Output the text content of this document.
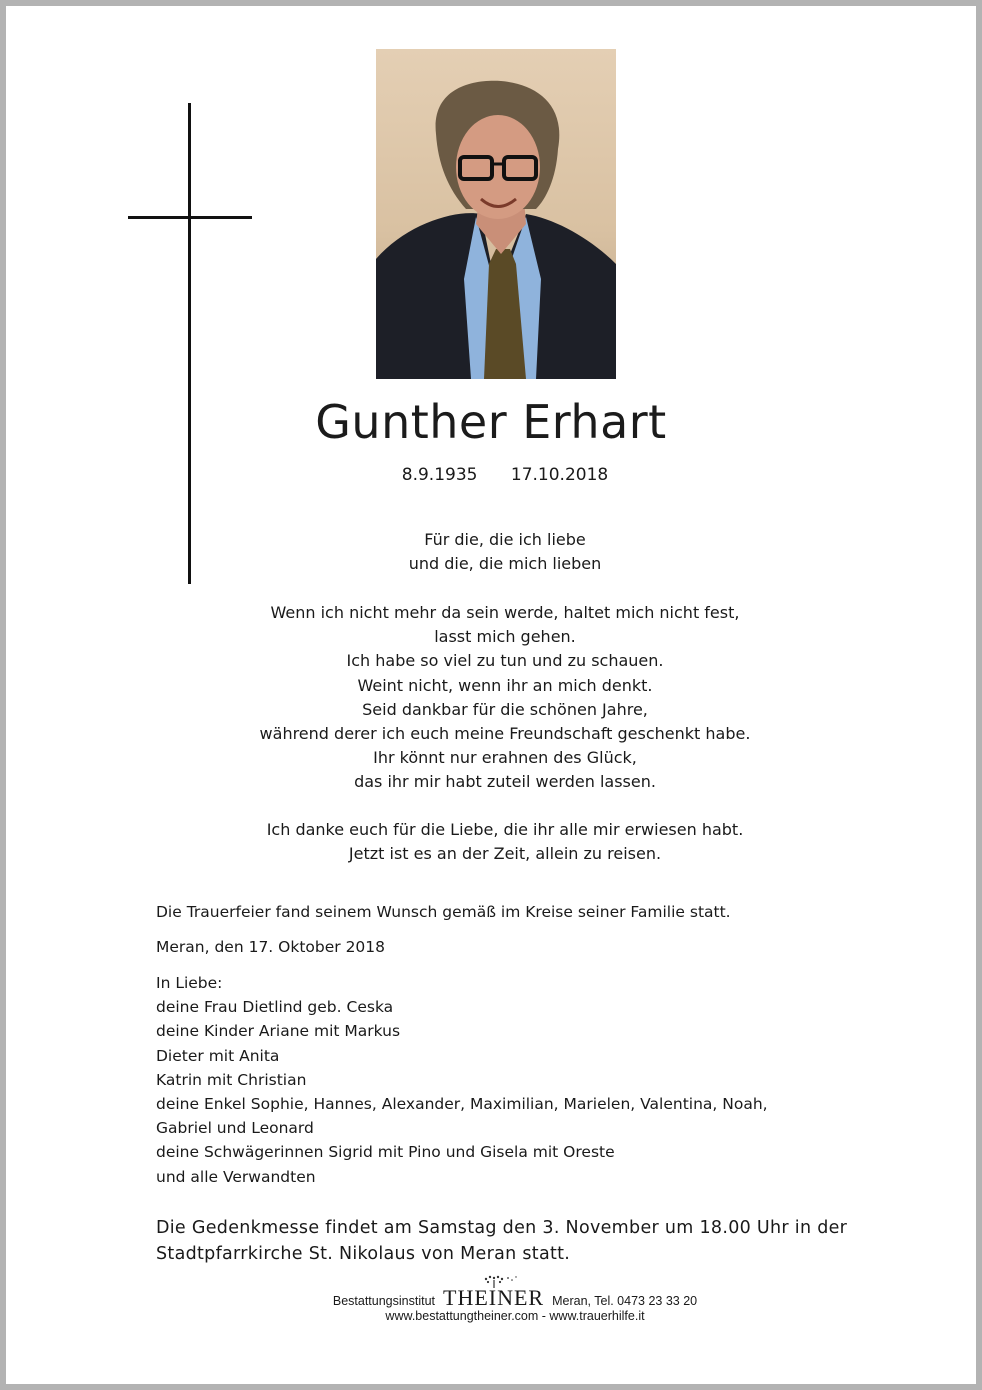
Gunther Erhart
8.9.1935 17.10.2018
Für die, die ich liebe
und die, die mich lieben
Wenn ich nicht mehr da sein werde, haltet mich nicht fest,
lasst mich gehen.
Ich habe so viel zu tun und zu schauen.
Weint nicht, wenn ihr an mich denkt.
Seid dankbar für die schönen Jahre,
während derer ich euch meine Freundschaft geschenkt habe.
Ihr könnt nur erahnen des Glück,
das ihr mir habt zuteil werden lassen.
Ich danke euch für die Liebe, die ihr alle mir erwiesen habt.
Jetzt ist es an der Zeit, allein zu reisen.
Die Trauerfeier fand seinem Wunsch gemäß im Kreise seiner Familie statt.
Meran, den 17. Oktober 2018
In Liebe:
deine Frau Dietlind geb. Ceska
deine Kinder Ariane mit Markus
Dieter mit Anita
Katrin mit Christian
deine Enkel Sophie, Hannes, Alexander, Maximilian, Marielen, Valentina, Noah,
Gabriel und Leonard
deine Schwägerinnen Sigrid mit Pino und Gisela mit Oreste
und alle Verwandten
Die Gedenkmesse findet am Samstag den 3. November um 18.00 Uhr in der
Stadtpfarrkirche St. Nikolaus von Meran statt.
Bestattungsinstitut THEINER Meran, Tel. 0473 23 33 20
www.bestattungtheiner.com - www.trauerhilfe.it
